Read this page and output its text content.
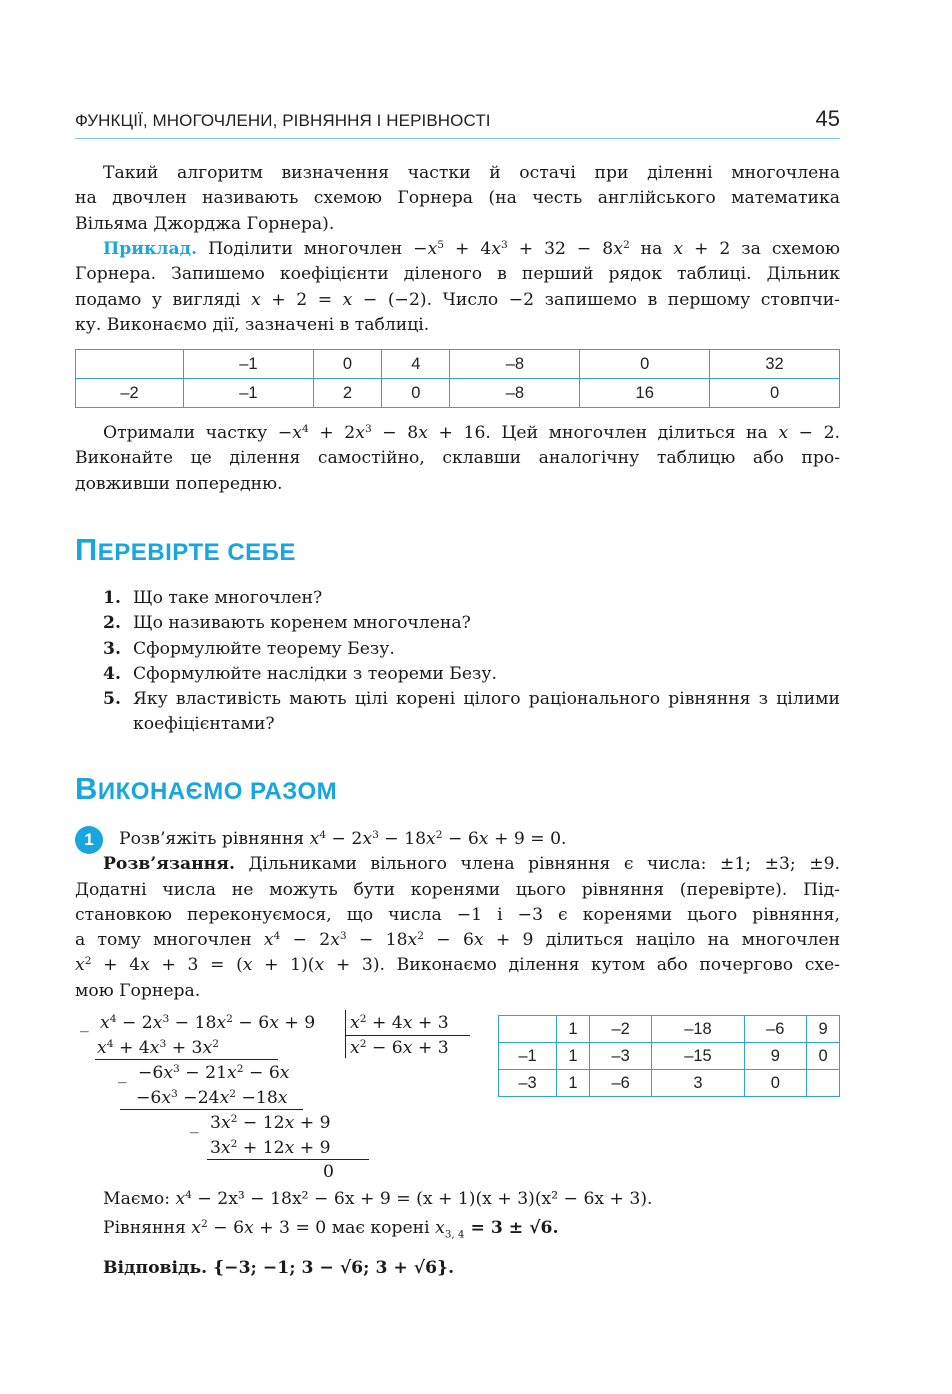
ФУНКЦІЇ, МНОГОЧЛЕНИ, РІВНЯННЯ І НЕРІВНОСТІ	45
Такий алгоритм визначення частки й остачі при діленні многочлена
на двочлен називають схемою Горнера (на честь англійського математика
Вільяма Джорджа Горнера).
Приклад. Поділити многочлен $-x^5 + 4x^3 + 32 - 8x^2$ на x + 2 за схемою
Горнера. Запишемо коефіцієнти діленого в перший рядок таблиці. Дільник
подамо у вигляді x + 2 = x − (−2). Число −2 запишемо в першому стовпчи-
ку. Виконаємо дії, зазначені в таблиці.
	–1	0	4	–8	0	32
–2	–1	2	0	–8	16	0
Отримали частку $-x^4 + 2x^3 - 8x + 16$. Цей многочлен ділиться на x − 2.
Виконайте це ділення самостійно, склавши аналогічну таблицю або про-
довживши попередню.
ПЕРЕВІРТЕ СЕБЕ
1. Що таке многочлен?
2. Що називають коренем многочлена?
3. Сформулюйте теорему Безу.
4. Сформулюйте наслідки з теореми Безу.
5. Яку властивість мають цілі корені цілого раціонального рівняння з цілими коефіцієнтами?
ВИКОНАЄМО РАЗОМ
1	Розв’яжіть рівняння $x^4 - 2x^3 - 18x^2 - 6x + 9 = 0$.
Розв’язання. Дільниками вільного члена рівняння є числа: ±1; ±3; ±9.
Додатні числа не можуть бути коренями цього рівняння (перевірте). Під-
становкою переконуємося, що числа −1 і −3 є коренями цього рівняння,
а тому многочлен $x^4 - 2x^3 - 18x^2 - 6x + 9$ ділиться націло на многочлен
$x^2 + 4x + 3 = (x + 1)(x + 3)$. Виконаємо ділення кутом або почергово схе-
мою Горнера.
_ $x^4 - 2x^3 - 18x^2 - 6x + 9$ $x^2 + 4x + 3$
$x^2 - 6x + 3$
$x^4 + 4x^3 + 3x^2$
_ $-6x^3 - 21x^2 - 6x$
$-6x^3 -24x^2 -18x$
_ $3x^2 - 12x + 9$
$3x^2 + 12x + 9$
0
	1	–2	–18	–6	9
–1	1	–3	–15	9	0
–3	1	–6	3	0	
Маємо: $x^4 - 2x^3 - 18x^2 - 6x + 9 = (x + 1)(x + 3)(x^2 - 6x + 3)$.
Рівняння $x^2 - 6x + 3 = 0$ має корені $x_{3, 4} = 3 \pm √6$.
Відповідь. {−3; −1; 3 − √6; 3 + √6}.
